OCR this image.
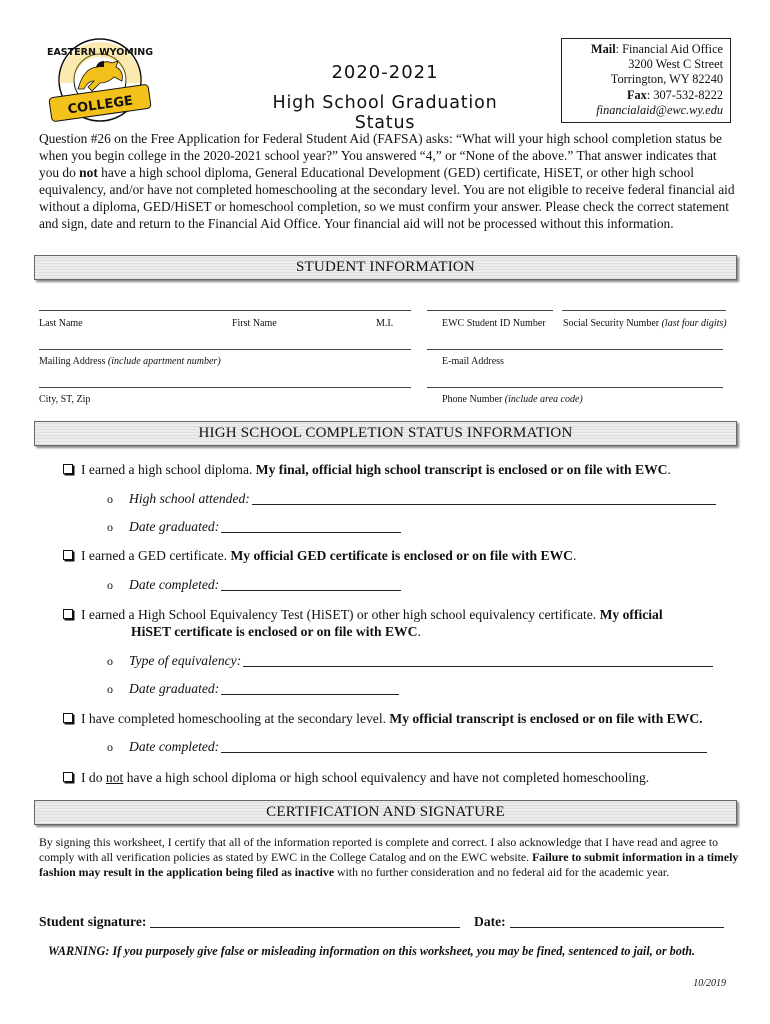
EASTERN WYOMING
COLLEGE
2020-2021
High School Graduation Status
Mail: Financial Aid Office
3200 West C Street
Torrington, WY 82240
Fax: 307-532-8222
financialaid@ewc.wy.edu
Question #26 on the Free Application for Federal Student Aid (FAFSA) asks: “What will your high school completion status be when you begin college in the 2020-2021 school year?” You answered “4,” or “None of the above.” That answer indicates that you do not have a high school diploma, General Educational Development (GED) certificate, HiSET, or other high school equivalency, and/or have not completed homeschooling at the secondary level. You are not eligible to receive federal financial aid without a diploma, GED/HiSET or homeschool completion, so we must confirm your answer. Please check the correct statement and sign, date and return to the Financial Aid Office. Your financial aid will not be processed without this information.
STUDENT INFORMATION
Last Name	First Name	M.I.	EWC Student ID Number Social Security Number (last four digits)
Mailing Address (include apartment number)	E-mail Address
City, ST, Zip	Phone Number (include area code)
HIGH SCHOOL COMPLETION STATUS INFORMATION
I earned a high school diploma. My final, official high school transcript is enclosed or on file with EWC.
o High school attended:
o Date graduated:
I earned a GED certificate. My official GED certificate is enclosed or on file with EWC.
o Date completed:
I earned a High School Equivalency Test (HiSET) or other high school equivalency certificate. My official
HiSET certificate is enclosed or on file with EWC.
o Type of equivalency:
o Date graduated:
I have completed homeschooling at the secondary level. My official transcript is enclosed or on file with EWC.
o Date completed:
I do not have a high school diploma or high school equivalency and have not completed homeschooling.
CERTIFICATION AND SIGNATURE
By signing this worksheet, I certify that all of the information reported is complete and correct. I also acknowledge that I have read and agree to comply with all verification policies as stated by EWC in the College Catalog and on the EWC website. Failure to submit information in a timely fashion may result in the application being filed as inactive with no further consideration and no federal aid for the academic year.
Student signature:	Date:
WARNING: If you purposely give false or misleading information on this worksheet, you may be fined, sentenced to jail, or both.
10/2019
